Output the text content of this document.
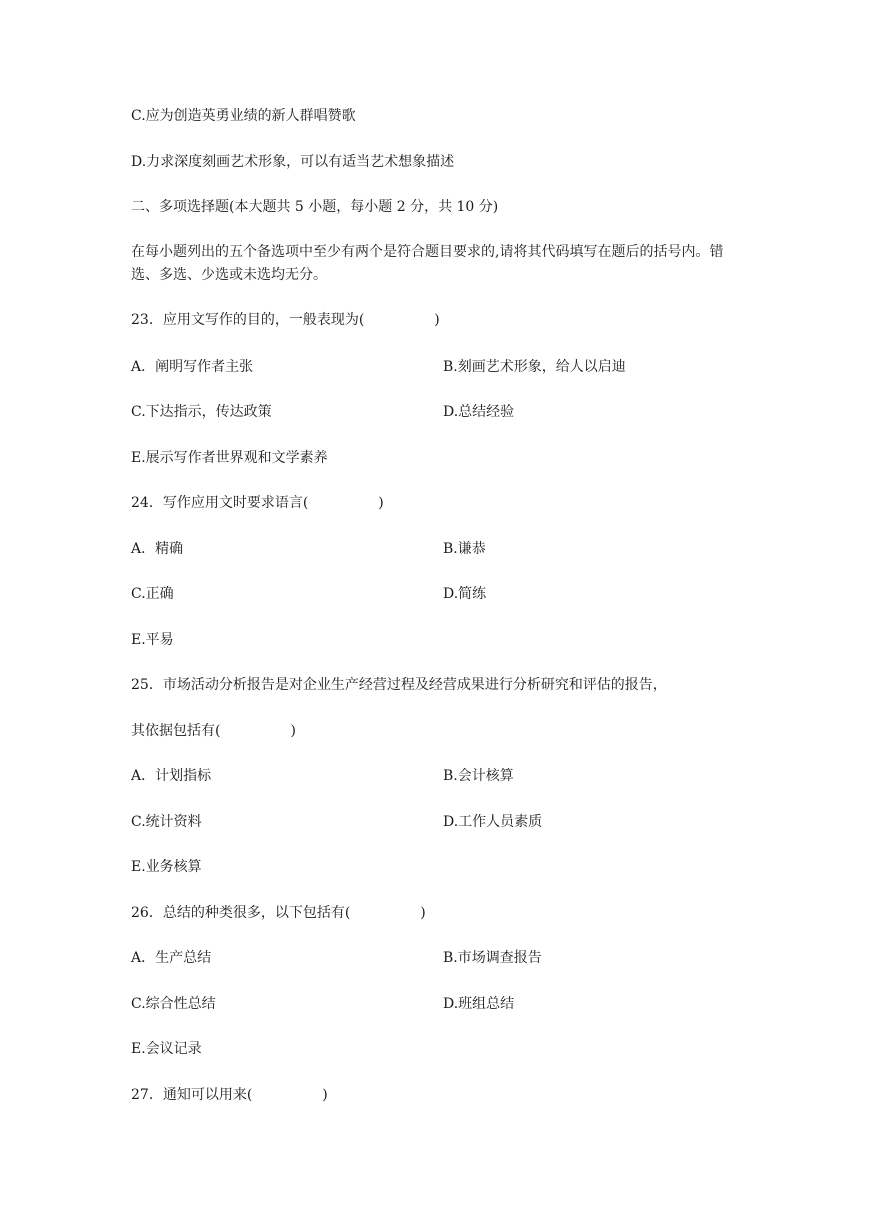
C.应为创造英勇业绩的新人群唱赞歌
D.力求深度刻画艺术形象，可以有适当艺术想象描述
二、多项选择题(本大题共 5 小题，每小题 2 分，共 10 分)
在每小题列出的五个备选项中至少有两个是符合题目要求的,请将其代码填写在题后的括号内。错选、多选、少选或未选均无分。
23．应用文写作的目的，一般表现为(　　　　　)
A．阐明写作者主张	B.刻画艺术形象，给人以启迪
C.下达指示，传达政策	D.总结经验
E.展示写作者世界观和文学素养
24．写作应用文时要求语言(　　　　　)
A．精确	B.谦恭
C.正确	D.简练
E.平易
25．市场活动分析报告是对企业生产经营过程及经营成果进行分析研究和评估的报告，
其依据包括有(　　　　　)
A．计划指标	B.会计核算
C.统计资料	D.工作人员素质
E.业务核算
26．总结的种类很多，以下包括有(　　　　　)
A．生产总结	B.市场调查报告
C.综合性总结	D.班组总结
E.会议记录
27．通知可以用来(　　　　　)
